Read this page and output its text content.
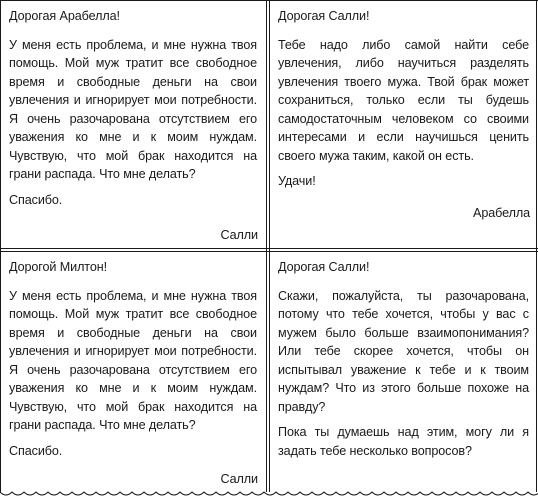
Дорогая Арабелла!

У меня есть проблема, и мне нужна твоя помощь. Мой муж тратит все свободное время и свободные деньги на свои увлечения и игнорирует мои потребности. Я очень разочарована отсутствием его уважения ко мне и к моим нуждам. Чувствую, что мой брак находится на грани распада. Что мне делать?

Спасибо.

Салли
Дорогая Салли!

Тебе надо либо самой найти себе увлечения, либо научиться разделять увлечения твоего мужа. Твой брак может сохраниться, только если ты будешь самодостаточным человеком со своими интересами и если научишься ценить своего мужа таким, какой он есть.

Удачи!

Арабелла
Дорогой Милтон!

У меня есть проблема, и мне нужна твоя помощь. Мой муж тратит все свободное время и свободные деньги на свои увлечения и игнорирует мои потребности. Я очень разочарована отсутствием его уважения ко мне и к моим нуждам. Чувствую, что мой брак находится на грани распада. Что мне делать?

Спасибо.

Салли
Дорогая Салли!

Скажи, пожалуйста, ты разочарована, потому что тебе хочется, чтобы у вас с мужем было больше взаимопонимания? Или тебе скорее хочется, чтобы он испытывал уважение к тебе и к твоим нуждам? Что из этого больше похоже на правду?

Пока ты думаешь над этим, могу ли я задать тебе несколько вопросов?
